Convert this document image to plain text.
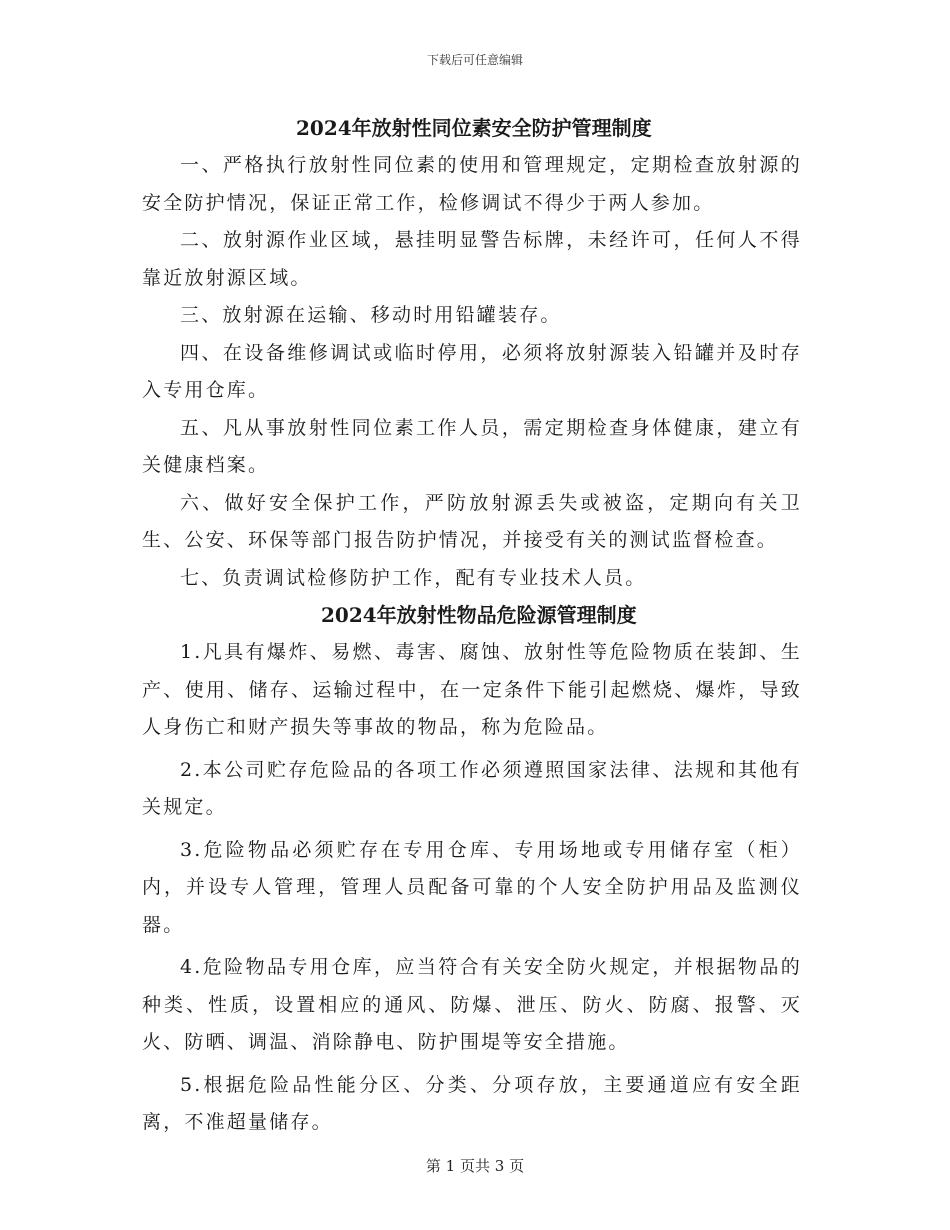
下载后可任意编辑
2024年放射性同位素安全防护管理制度

一、严格执行放射性同位素的使用和管理规定，定期检查放射源的安全防护情况，保证正常工作，检修调试不得少于两人参加。

二、放射源作业区域，悬挂明显警告标牌，未经许可，任何人不得靠近放射源区域。

三、放射源在运输、移动时用铅罐装存。

四、在设备维修调试或临时停用，必须将放射源装入铅罐并及时存入专用仓库。

五、凡从事放射性同位素工作人员，需定期检查身体健康，建立有关健康档案。

六、做好安全保护工作，严防放射源丢失或被盗，定期向有关卫生、公安、环保等部门报告防护情况，并接受有关的测试监督检查。

七、负责调试检修防护工作，配有专业技术人员。

2024年放射性物品危险源管理制度

1.凡具有爆炸、易燃、毒害、腐蚀、放射性等危险物质在装卸、生产、使用、储存、运输过程中，在一定条件下能引起燃烧、爆炸，导致人身伤亡和财产损失等事故的物品，称为危险品。

2.本公司贮存危险品的各项工作必须遵照国家法律、法规和其他有关规定。

3.危险物品必须贮存在专用仓库、专用场地或专用储存室（柜）内，并设专人管理，管理人员配备可靠的个人安全防护用品及监测仪器。

4.危险物品专用仓库，应当符合有关安全防火规定，并根据物品的种类、性质，设置相应的通风、防爆、泄压、防火、防腐、报警、灭火、防晒、调温、消除静电、防护围堤等安全措施。

5.根据危险品性能分区、分类、分项存放，主要通道应有安全距离，不准超量储存。

第 1 页共 3 页
